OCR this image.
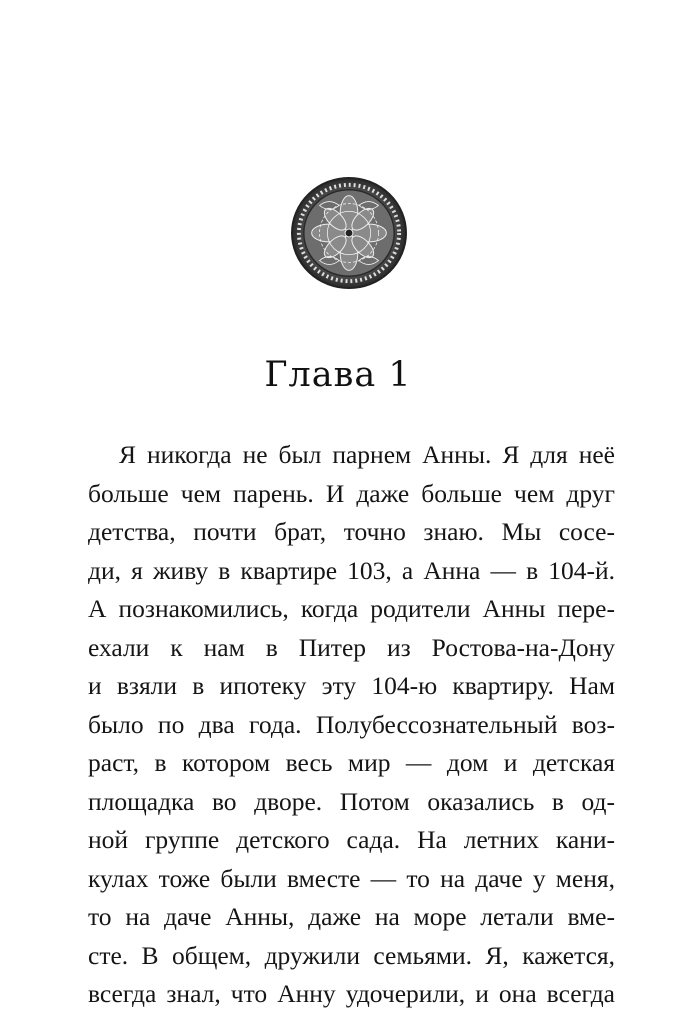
Глава 1
Я никогда не был парнем Анны. Я для неё
больше чем парень. И даже больше чем друг
детства, почти брат, точно знаю. Мы сосе-
ди, я живу в квартире 103, а Анна — в 104-й.
А познакомились, когда родители Анны пере-
ехали к нам в Питер из Ростова-на-Дону
и взяли в ипотеку эту 104-ю квартиру. Нам
было по два года. Полубессознательный воз-
раст, в котором весь мир — дом и детская
площадка во дворе. Потом оказались в од-
ной группе детского сада. На летних кани-
кулах тоже были вместе — то на даче у меня,
то на даче Анны, даже на море летали вме-
сте. В общем, дружили семьями. Я, кажется,
всегда знал, что Анну удочерили, и она всегда
